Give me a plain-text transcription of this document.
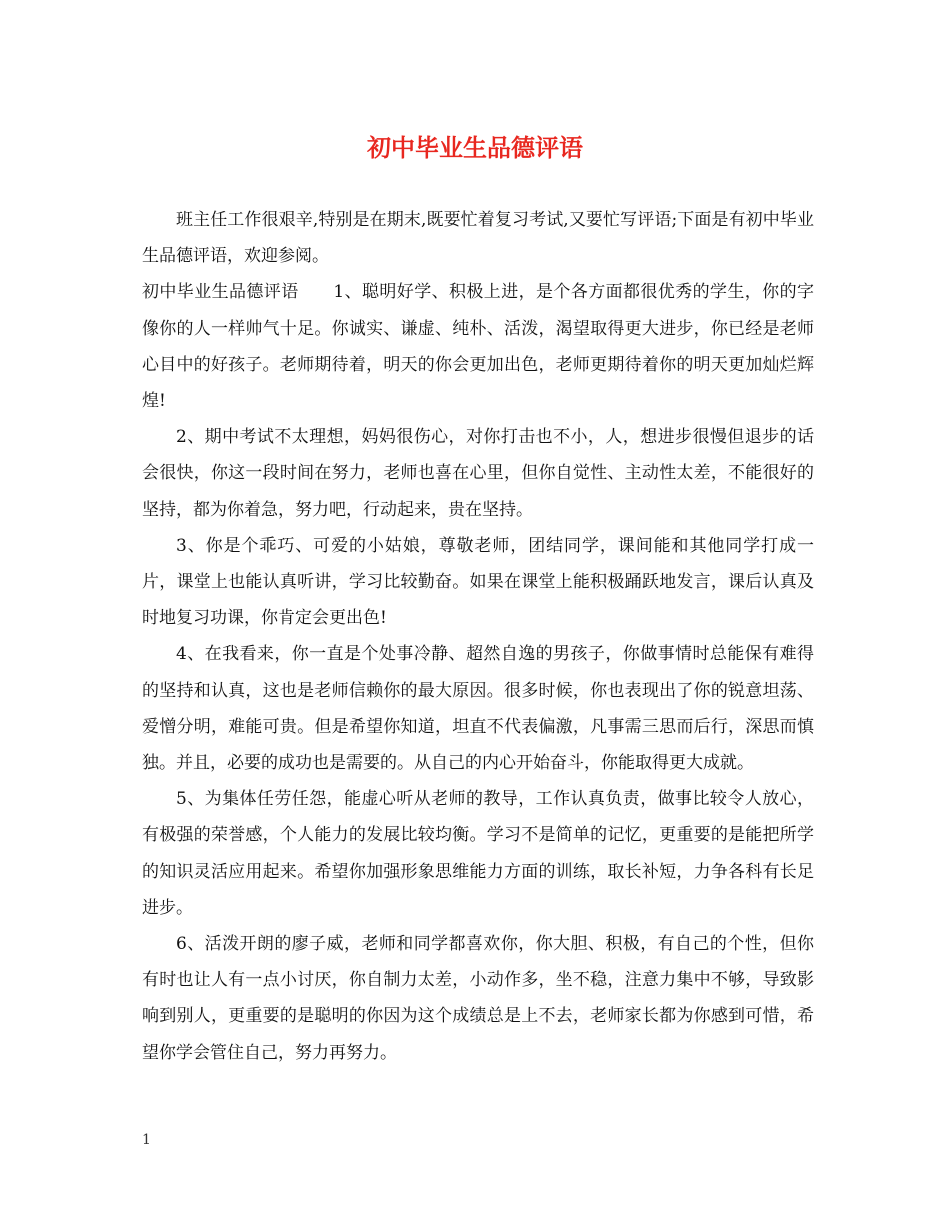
初中毕业生品德评语

班主任工作很艰辛,特别是在期末,既要忙着复习考试,又要忙写评语;下面是有初中毕业生品德评语，欢迎参阅。

初中毕业生品德评语　　1、聪明好学、积极上进，是个各方面都很优秀的学生，你的字像你的人一样帅气十足。你诚实、谦虚、纯朴、活泼，渴望取得更大进步，你已经是老师心目中的好孩子。老师期待着，明天的你会更加出色，老师更期待着你的明天更加灿烂辉煌!

2、期中考试不太理想，妈妈很伤心，对你打击也不小，人，想进步很慢但退步的话会很快，你这一段时间在努力，老师也喜在心里，但你自觉性、主动性太差，不能很好的坚持，都为你着急，努力吧，行动起来，贵在坚持。

3、你是个乖巧、可爱的小姑娘，尊敬老师，团结同学，课间能和其他同学打成一片，课堂上也能认真听讲，学习比较勤奋。如果在课堂上能积极踊跃地发言，课后认真及时地复习功课，你肯定会更出色!

4、在我看来，你一直是个处事冷静、超然自逸的男孩子，你做事情时总能保有难得的坚持和认真，这也是老师信赖你的最大原因。很多时候，你也表现出了你的锐意坦荡、爱憎分明，难能可贵。但是希望你知道，坦直不代表偏激，凡事需三思而后行，深思而慎独。并且，必要的成功也是需要的。从自己的内心开始奋斗，你能取得更大成就。

5、为集体任劳任怨，能虚心听从老师的教导，工作认真负责，做事比较令人放心，有极强的荣誉感，个人能力的发展比较均衡。学习不是简单的记忆，更重要的是能把所学的知识灵活应用起来。希望你加强形象思维能力方面的训练，取长补短，力争各科有长足进步。

6、活泼开朗的廖子威，老师和同学都喜欢你，你大胆、积极，有自己的个性，但你有时也让人有一点小讨厌，你自制力太差，小动作多，坐不稳，注意力集中不够，导致影响到别人，更重要的是聪明的你因为这个成绩总是上不去，老师家长都为你感到可惜，希望你学会管住自己，努力再努力。

1
